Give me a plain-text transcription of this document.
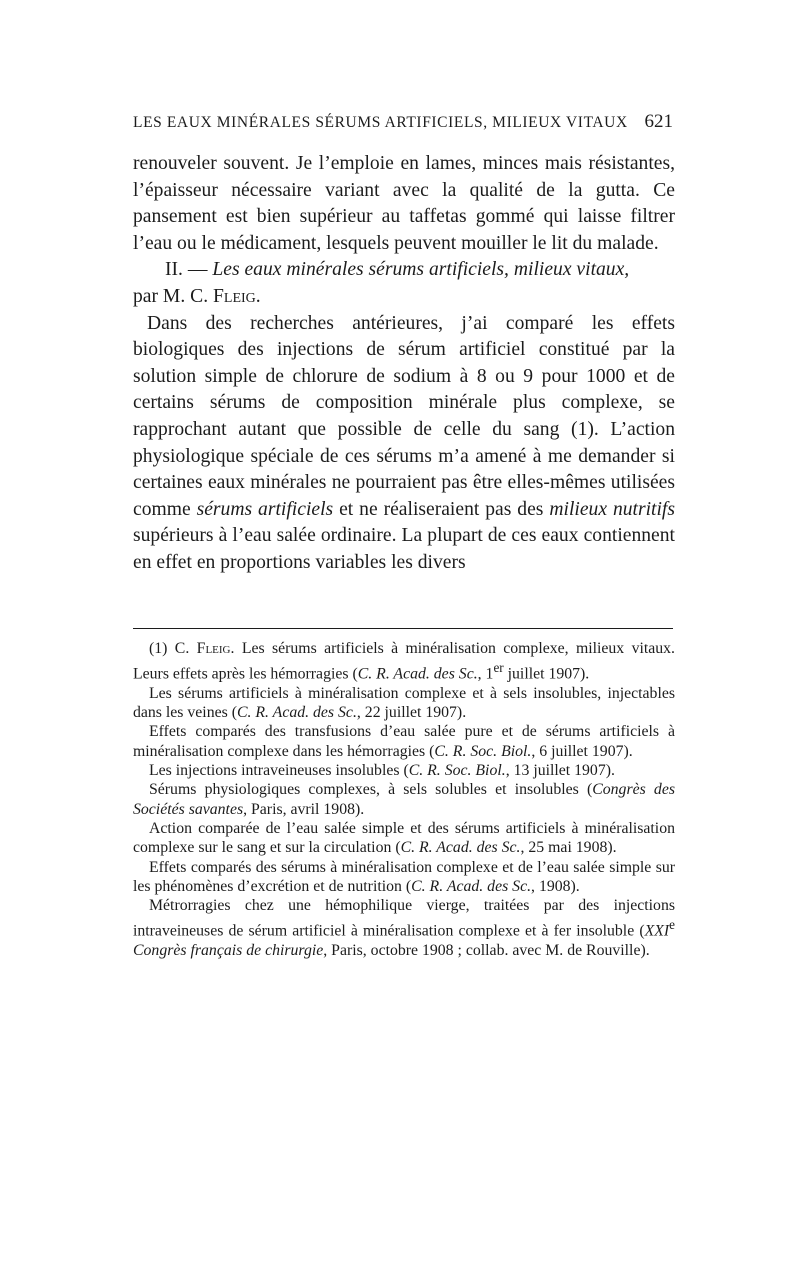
LES EAUX MINÉRALES SÉRUMS ARTIFICIELS, MILIEUX VITAUX 621

renouveler souvent. Je l’emploie en lames, minces mais résistantes, l’épaisseur nécessaire variant avec la qualité de la gutta. Ce pansement est bien supérieur au taffetas gommé qui laisse filtrer l’eau ou le médicament, lesquels peuvent mouiller le lit du malade.

II. — Les eaux minérales sérums artificiels, milieux vitaux,

par M. C. Fleig.

Dans des recherches antérieures, j’ai comparé les effets biologiques des injections de sérum artificiel constitué par la solution simple de chlorure de sodium à 8 ou 9 pour 1000 et de certains sérums de composition minérale plus complexe, se rapprochant autant que possible de celle du sang (1). L’action physiologique spéciale de ces sérums m’a amené à me demander si certaines eaux minérales ne pourraient pas être elles-mêmes utilisées comme sérums artificiels et ne réaliseraient pas des milieux nutritifs supérieurs à l’eau salée ordinaire. La plupart de ces eaux contiennent en effet en proportions variables les divers

(1) C. Fleig. Les sérums artificiels à minéralisation complexe, milieux vitaux. Leurs effets après les hémorragies (C. R. Acad. des Sc., 1er juillet 1907).

Les sérums artificiels à minéralisation complexe et à sels insolubles, injectables dans les veines (C. R. Acad. des Sc., 22 juillet 1907).

Effets comparés des transfusions d’eau salée pure et de sérums artificiels à minéralisation complexe dans les hémorragies (C. R. Soc. Biol., 6 juillet 1907).

Les injections intraveineuses insolubles (C. R. Soc. Biol., 13 juillet 1907).

Sérums physiologiques complexes, à sels solubles et insolubles (Congrès des Sociétés savantes, Paris, avril 1908).

Action comparée de l’eau salée simple et des sérums artificiels à minéralisation complexe sur le sang et sur la circulation (C. R. Acad. des Sc., 25 mai 1908).

Effets comparés des sérums à minéralisation complexe et de l’eau salée simple sur les phénomènes d’excrétion et de nutrition (C. R. Acad. des Sc., 1908).

Métrorragies chez une hémophilique vierge, traitées par des injections intraveineuses de sérum artificiel à minéralisation complexe et à fer insoluble (XXIe Congrès français de chirurgie, Paris, octobre 1908 ; collab. avec M. de Rouville).
